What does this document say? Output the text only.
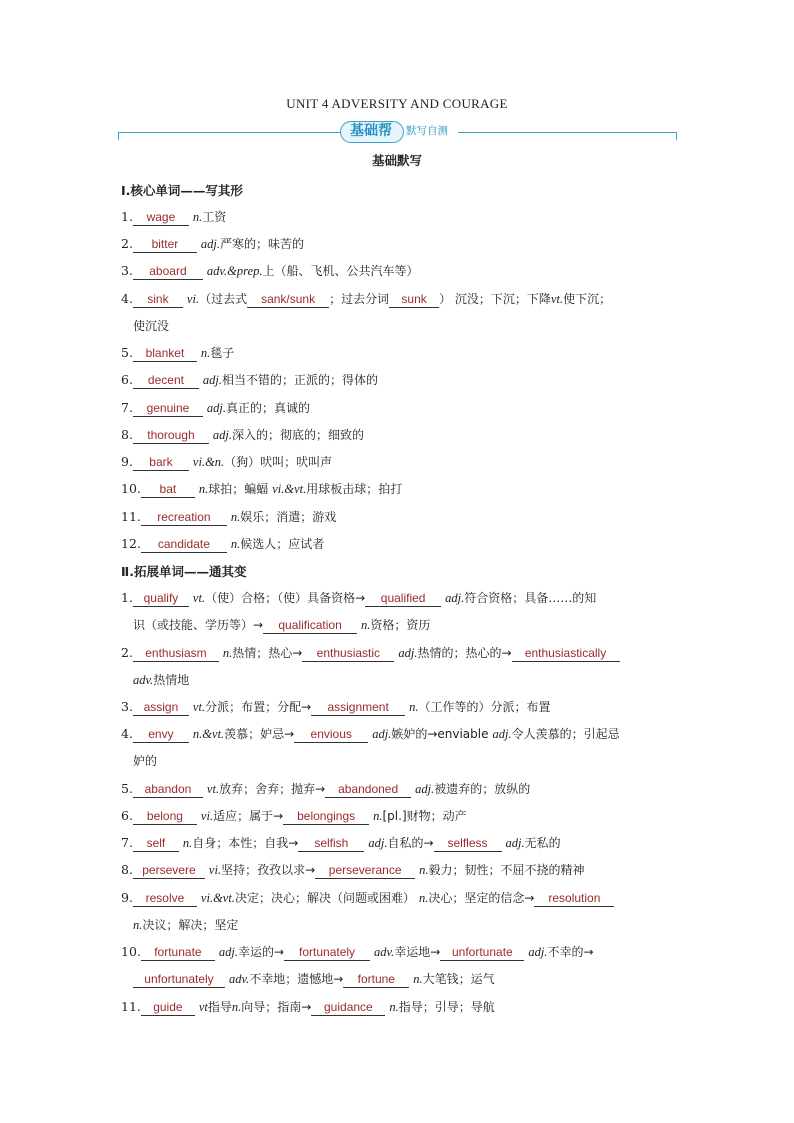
UNIT 4 ADVERSITY AND COURAGE
基础帮	默写自测
基础默写
Ⅰ.核心单词——写其形
1. wage n.工资
2. bitter adj.严寒的；味苦的
3. aboard adv.&prep.上（船、飞机、公共汽车等）
4. sink vi.（过去式 sank/sunk ；过去分词 sunk ） 沉没；下沉；下降vt.使下沉；
使沉没
5. blanket n.毯子
6. decent adj.相当不错的；正派的；得体的
7. genuine adj.真正的；真诚的
8. thorough adj.深入的；彻底的；细致的
9. bark vi.&n.（狗）吠叫；吠叫声
10. bat n.球拍；蝙蝠 vi.&vt.用球板击球；拍打
11. recreation n.娱乐；消遣；游戏
12. candidate n.候选人；应试者
Ⅱ.拓展单词——通其变
1. qualify vt.（使）合格；（使）具备资格→ qualified adj.符合资格；具备……的知
识（或技能、学历等）→ qualification n.资格；资历
2. enthusiasm n.热情；热心→ enthusiastic adj.热情的；热心的→ enthusiastically
adv.热情地
3. assign vt.分派；布置；分配→ assignment n.（工作等的）分派；布置
4. envy n.&vt.羡慕；妒忌→ envious adj.嫉妒的→enviable adj.令人羡慕的；引起忌
妒的
5. abandon vt.放弃；舍弃；抛弃→ abandoned adj.被遗弃的；放纵的
6. belong vi.适应；属于→ belongings n.[pl.]财物；动产
7. self n.自身；本性；自我→ selfish adj.自私的→ selfless adj.无私的
8. persevere vi.坚持；孜孜以求→ perseverance n.毅力；韧性；不屈不挠的精神
9. resolve vi.&vt.决定；决心；解决（问题或困难） n.决心；坚定的信念→ resolution
n.决议；解决；坚定
10. fortunate adj.幸运的→ fortunately adv.幸运地→ unfortunate adj.不幸的→
unfortunately adv.不幸地；遗憾地→ fortune n.大笔钱；运气
11. guide vt指导n.向导；指南→ guidance n.指导；引导；导航
